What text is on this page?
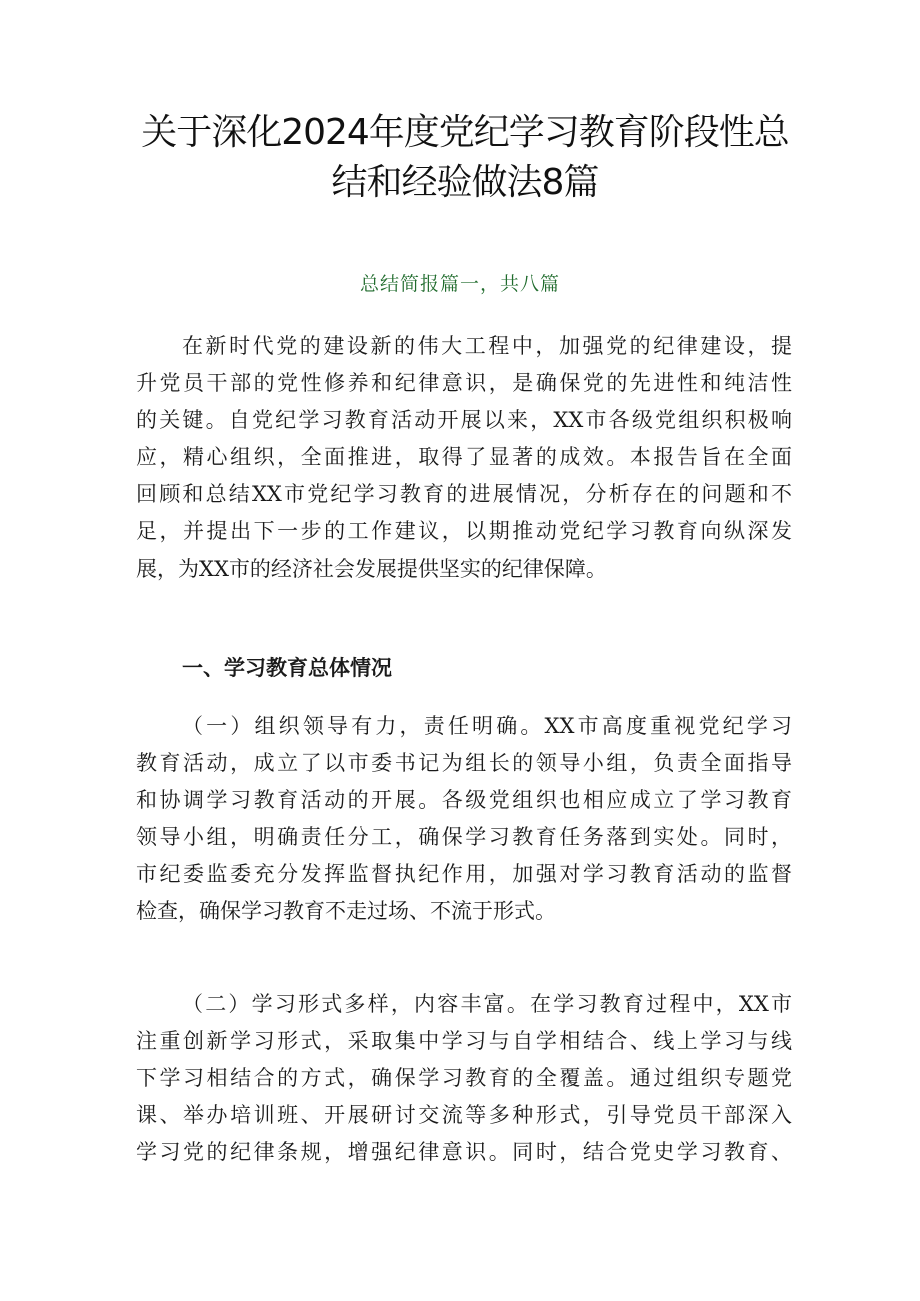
关于深化2024年度党纪学习教育阶段性总
结和经验做法8篇

总结简报篇一，共八篇

在新时代党的建设新的伟大工程中，加强党的纪律建设，提
升党员干部的党性修养和纪律意识，是确保党的先进性和纯洁性
的关键。自党纪学习教育活动开展以来，XX市各级党组织积极响
应，精心组织，全面推进，取得了显著的成效。本报告旨在全面
回顾和总结XX市党纪学习教育的进展情况，分析存在的问题和不
足，并提出下一步的工作建议，以期推动党纪学习教育向纵深发
展，为XX市的经济社会发展提供坚实的纪律保障。

一、学习教育总体情况

（一）组织领导有力，责任明确。XX市高度重视党纪学习
教育活动，成立了以市委书记为组长的领导小组，负责全面指导
和协调学习教育活动的开展。各级党组织也相应成立了学习教育
领导小组，明确责任分工，确保学习教育任务落到实处。同时，
市纪委监委充分发挥监督执纪作用，加强对学习教育活动的监督
检查，确保学习教育不走过场、不流于形式。

（二）学习形式多样，内容丰富。在学习教育过程中，XX市
注重创新学习形式，采取集中学习与自学相结合、线上学习与线
下学习相结合的方式，确保学习教育的全覆盖。通过组织专题党
课、举办培训班、开展研讨交流等多种形式，引导党员干部深入
学习党的纪律条规，增强纪律意识。同时，结合党史学习教育、
